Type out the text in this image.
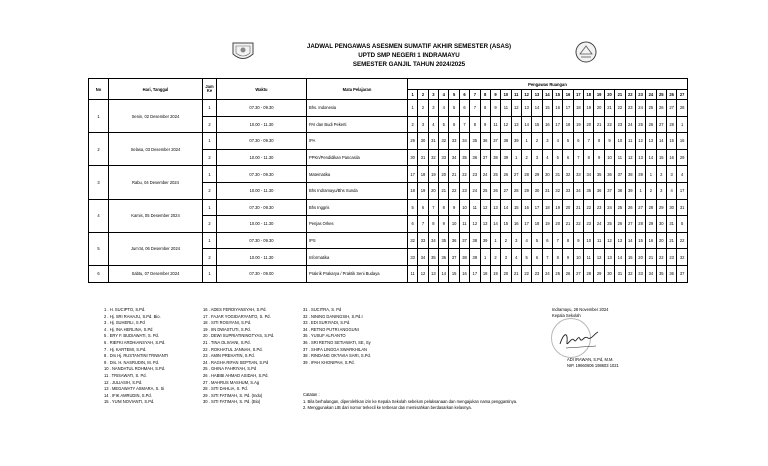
JADWAL PENGAWAS ASESMEN SUMATIF AKHIR SEMESTER (ASAS)
UPTD SMP NEGERI 1 INDRAMAYU
SEMESTER GANJIL TAHUN 2024/2025
No	Hari, Tanggal	Jam Ke	Waktu	Mata Pelajaran	Pengawas Ruangan																										
					1	2	3	4	5	6	7	8	9	10	11	12	13	14	15	16	17	18	19	20	21	22	23	24	25	26	27
1	Senin, 02 Desember 2024	1	07.30 - 09.30	Bhs. Indonesia	1	2	3	4	5	6	7	8	9	11	12	13	14	15	16	17	18	19	20	21	22	23	24	25	26	27	28
		2	10.00 - 11.30	PAI dan Budi Pekerti	2	3	4	5	6	7	8	9	11	12	13	14	15	16	17	18	19	20	21	22	23	24	25	26	27	28	1
2	Selasa, 03 Desember 2024	1	07.30 - 09.30	IPA	29	30	31	32	33	34	35	36	37	38	39	1	2	3	4	5	6	7	8	9	10	11	12	13	14	15	16
		2	10.00 - 11.30	PPKn/Pendidikan Pancasila	30	31	32	33	34	35	36	37	38	39	1	2	3	4	5	6	7	8	9	10	11	12	13	14	15	16	29
3	Rabu, 04 Desember 2024	1	07.30 - 09.30	Matematika	17	18	19	20	21	22	23	24	25	26	27	28	29	30	31	32	33	34	35	36	37	38	39	1	2	3	4
		2	10.00 - 11.30	Bhs Indramayu/Bhs Sunda	18	19	20	21	22	23	24	25	26	27	28	29	30	31	32	33	34	35	36	37	38	39	1	2	3	4	17
4	Kamis, 05 Desember 2024	1	07.30 - 09.30	Bhs Inggris	5	6	7	8	9	10	11	12	13	14	15	16	17	18	19	20	21	22	23	24	25	26	27	28	29	30	31
		2	10.00 - 11.30	Penjas Orkes	6	7	8	9	10	11	12	13	14	15	16	17	18	19	20	21	22	23	24	25	26	27	28	29	30	31	5
5	Jum'at, 06 Desember 2024	1	07.30 - 09.30	IPS	32	33	34	35	36	37	38	39	1	2	3	4	5	6	7	8	9	10	11	12	13	14	15	16	20	21	22
		2	10.00 - 11.30	Informatika	33	34	35	36	37	38	39	1	2	3	4	5	6	7	8	9	10	11	12	13	14	15	20	21	22	23	32
6	Sabtu, 07 Desember 2024	1	07.30 - 09.00	Prakrik Prakarya / Praktik Seni Budaya	11	12	13	14	15	16	17	18	19	20	21	22	23	24	25	26	27	28	29	30	31	32	33	34	35	36	37
1 . H. SUCIPTO, S.Pd.
2 . Hj. SRI RAHAJU, S.Pd. Bio.
3 . Hj. SUHERLI, S.Pd
4 . Hj. INA HERLINA, S.Pd
5 . ERY F. BUDIAWATI, S. Pd.
6 . RIEFKI ARDHIANSYAH, S.Pd.
7 . Hj. KARTEMI, S.Pd.
8 . Drs Hj. RUSTANTINI TRIWANTI
9 . Drs. H. NASRUDIN, M. Pd.
10 . NANDATUL ROHMAH, S.Pd.
11 . TRISAWATI, S. Pd.
12 . JULIASIH, S.Pd.
13 . MEGAWATY ASMARA, S. Si
14 . IFIK AMRUDIN, S.Pd.
15 . YUNI NOVIANTI, S.Pd.
16 . ADES FERDIYANSYAH, S.Pd.
17 . FAJAR YOGIDARYANTO, S. Pd.
18 . SITI ROSIYANI, S.Pd.
19 . IIN DWASTUTI, S.Pd.
20 . DEWI SUPRIATININGTYAS, S.Pd.
21 . TINA OLIVIANI, S.Pd.
22 . ROKHATUL JANNAH, S.Pd.
23 . AMIN PREHATIN, S.Pd.
24 . RAGHA RIFAN SEPTIAN, S.Pd
25 . GHINA FAHRIYAH, S.Pd
26 . HABIBI AHMAD ASIDAH, S.Pd.
27 . MAHRUS MASHUM, S.Ag
28 . SITI DAHLIA, S. Pd.
29 . SITI FATIMAH, S. Pd. (Indo)
30 . SITI FATIMAH, S. Pd. (Bio)
31 . SUCITRA, S. Pd
32 . NINING DANINGSIH, S.Pd.I
33 . EDI SURIYADI, S.Pd.
34 . RETNO PUTRI ANGGUNI
35 . YUSUF ALFIANTO
36 . SRI RETNO SETIAWATI, SE, Sy
37 . SHIFA LINGGA SWARKHILAN
38 . RINDANG OKTAVIA SARI, S.Pd.
39 . IPAH KHONIPAH, S.Pd.
Catatan :
1. Bila berhalangan, diperolehkan izin ke Kepala Sekolah sebelum pelaksanaan dan mengajukan nama penggantinya.
2. Menggunakan LIB dari nomor terkecil ke terbesar dan memisahkan berdasarkan kelasnya.
Indramayu, 28 November 2024
Kepala Sekolah
ADI IRAWAN, S.Pd, M.M.
NIP. 19660606 198603 1021
